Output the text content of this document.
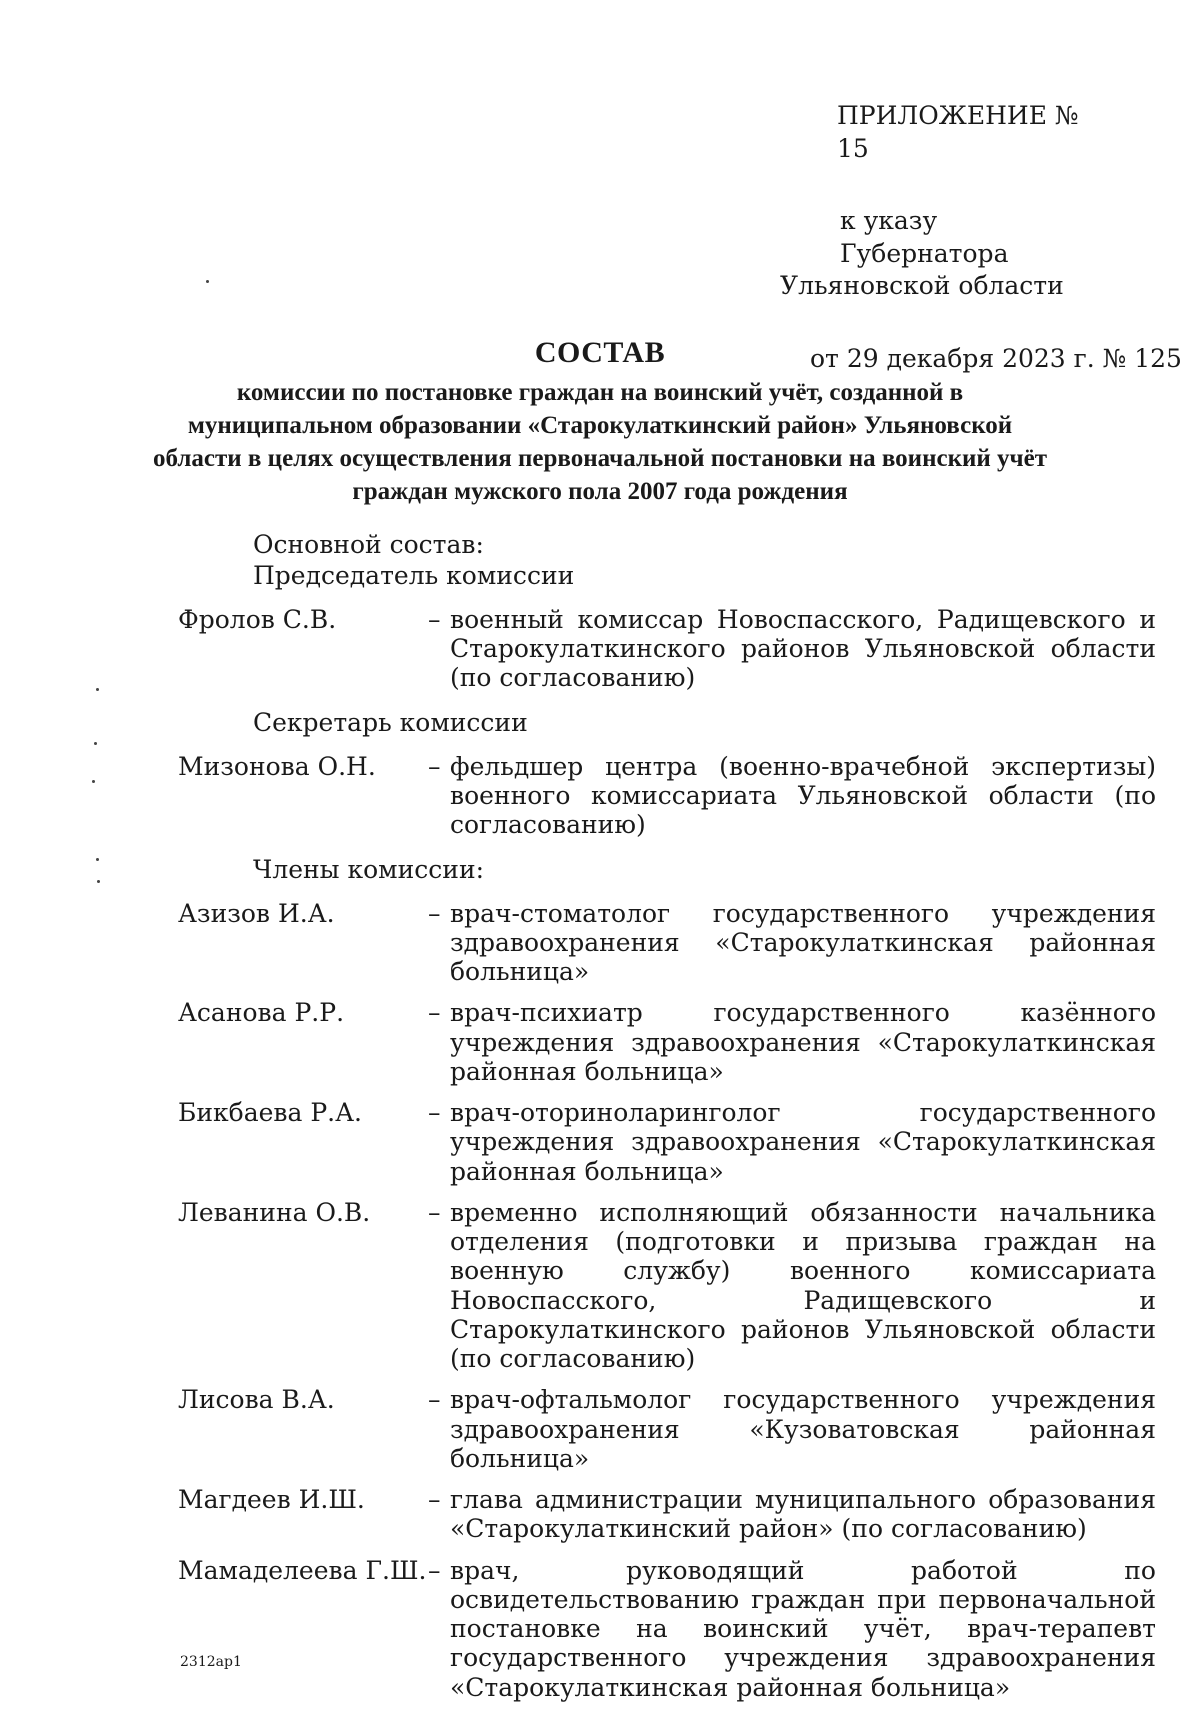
ПРИЛОЖЕНИЕ № 15
к указу Губернатора
Ульяновской области
от 29 декабря 2023 г. № 125
СОСТАВ
комиссии по постановке граждан на воинский учёт, созданной в муниципальном образовании «Старокулаткинский район» Ульяновской области в целях осуществления первоначальной постановки на воинский учёт граждан мужского пола 2007 года рождения
Основной состав:
Председатель комиссии
Фролов С.В.	– военный комиссар Новоспасского, Радищевского и Старокулаткинского районов Ульяновской области (по согласованию)
Секретарь комиссии
Мизонова О.Н.	– фельдшер центра (военно-врачебной экспертизы) военного комиссариата Ульяновской области (по согласованию)
Члены комиссии:
Азизов И.А.	– врач-стоматолог государственного учреждения здравоохранения «Старокулаткинская районная больница»
Асанова Р.Р.	– врач-психиатр государственного казённого учреждения здравоохранения «Старокулаткинская районная больница»
Бикбаева Р.А.	– врач-оториноларинголог государственного учреждения здравоохранения «Старокулаткинская районная больница»
Леванина О.В.	– временно исполняющий обязанности начальника отделения (подготовки и призыва граждан на военную службу) военного комиссариата Новоспасского, Радищевского и Старокулаткинского районов Ульяновской области (по согласованию)
Лисова В.А.	– врач-офтальмолог государственного учреждения здравоохранения «Кузоватовская районная больница»
Магдеев И.Ш.	– глава администрации муниципального образования «Старокулаткинский район» (по согласованию)
Мамаделеева Г.Ш. – врач, руководящий работой по освидетельствованию граждан при первоначальной постановке на воинский учёт, врач-терапевт государственного учреждения здравоохранения «Старокулаткинская районная больница»
2312ap1
